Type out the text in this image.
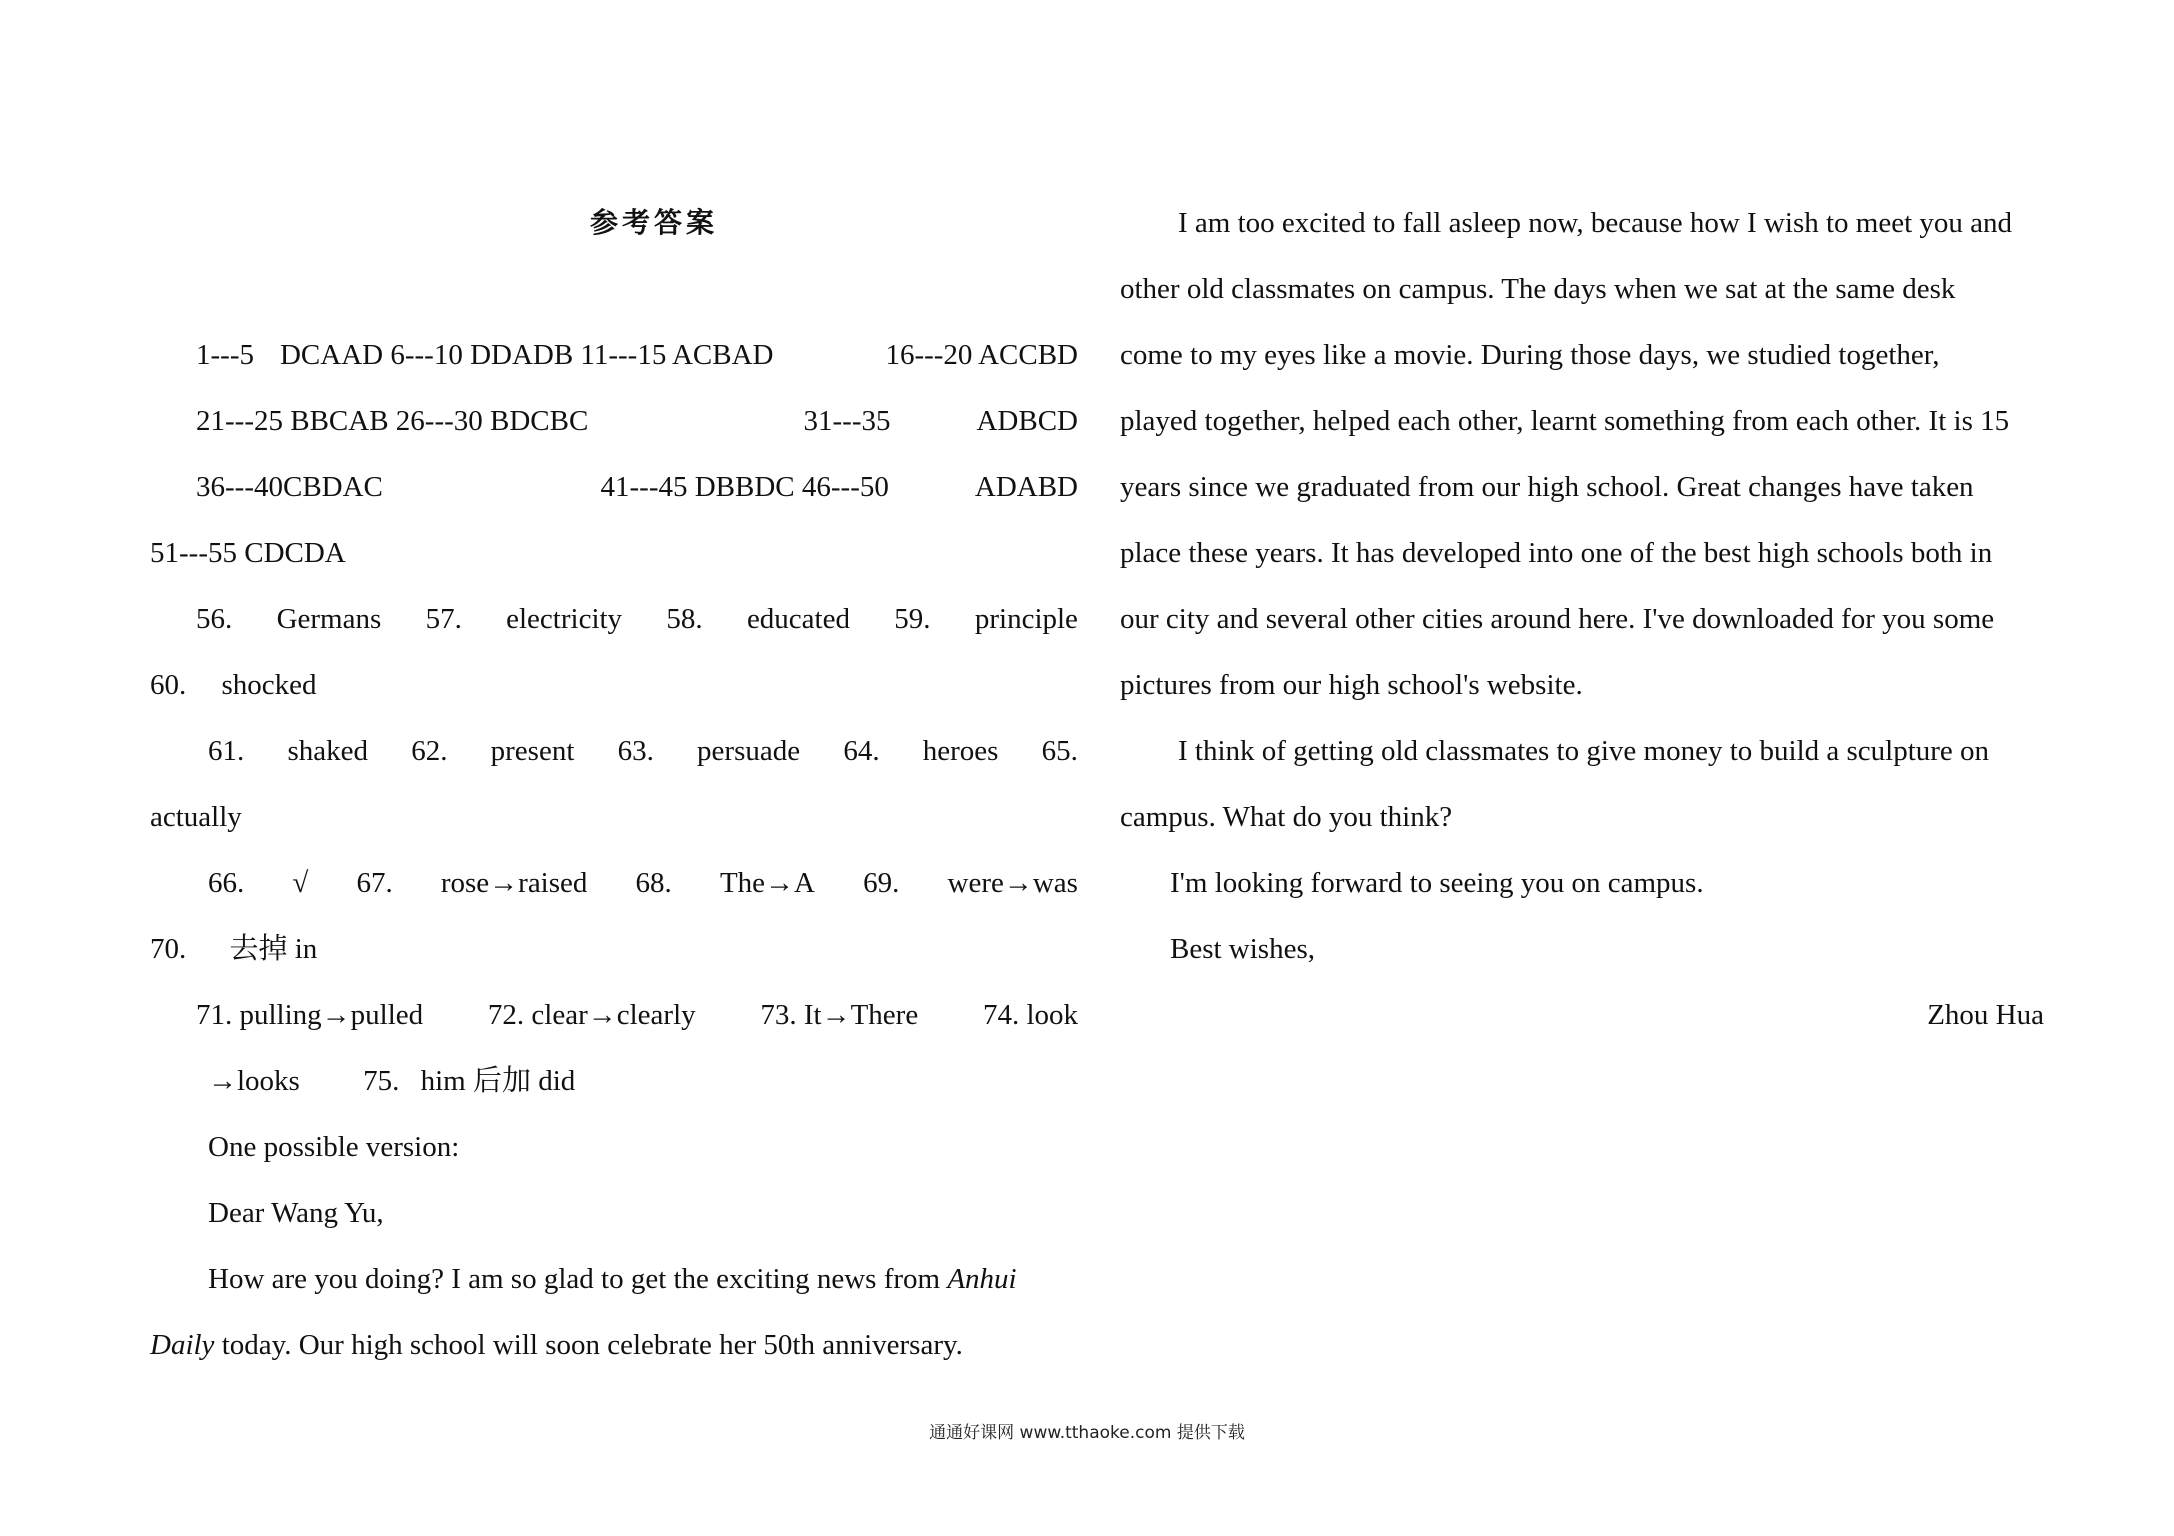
参考答案
1---5 DCAAD 6---10 DDADB 11---15 ACBAD	16---20 ACCBD
21---25 BBCAB 26---30 BDCBC	31---35	ADBCD
36---40CBDAC	41---45 DBBDC 46---50	ADABD
51---55 CDCDA
56. Germans 57. electricity 58. educated 59. principle
60. shocked
61. shaked 62. present 63. persuade 64. heroes 65.
actually
66. √ 67. rose→raised 68. The→A 69. were→was
70. 去掉 in
71. pulling→pulled 72. clear→clearly 73. It→There 74. look
→looks 75. him 后加 did
One possible version:
Dear Wang Yu,
How are you doing? I am so glad to get the exciting news from Anhui
Daily today. Our high school will soon celebrate her 50th anniversary.
I am too excited to fall asleep now, because how I wish to meet you and
other old classmates on campus. The days when we sat at the same desk
come to my eyes like a movie. During those days, we studied together,
played together, helped each other, learnt something from each other. It is 15
years since we graduated from our high school. Great changes have taken
place these years. It has developed into one of the best high schools both in
our city and several other cities around here. I've downloaded for you some
pictures from our high school's website.
I think of getting old classmates to give money to build a sculpture on
campus. What do you think?
I'm looking forward to seeing you on campus.
Best wishes,
Zhou Hua
通通好课网 www.tthaoke.com 提供下载
